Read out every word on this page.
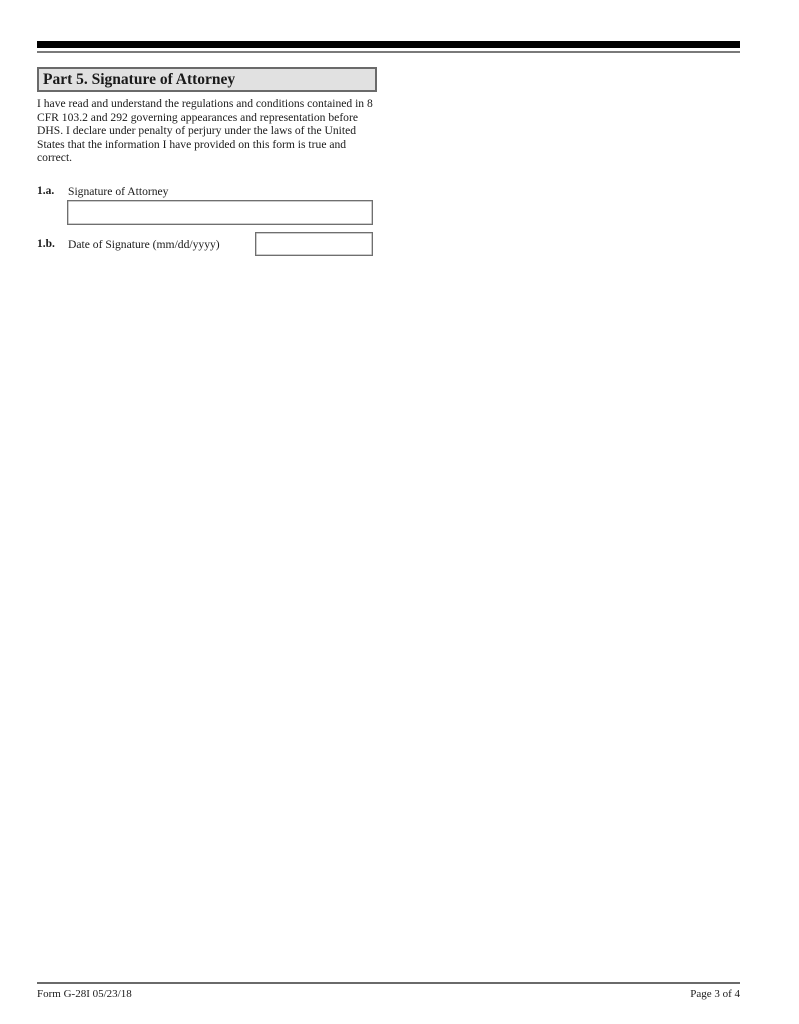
Part 5. Signature of Attorney
I have read and understand the regulations and conditions contained in 8 CFR 103.2 and 292 governing appearances and representation before DHS. I declare under penalty of perjury under the laws of the United States that the information I have provided on this form is true and correct.
1.a. Signature of Attorney
1.b. Date of Signature (mm/dd/yyyy)
Form G-28I 05/23/18	Page 3 of 4
